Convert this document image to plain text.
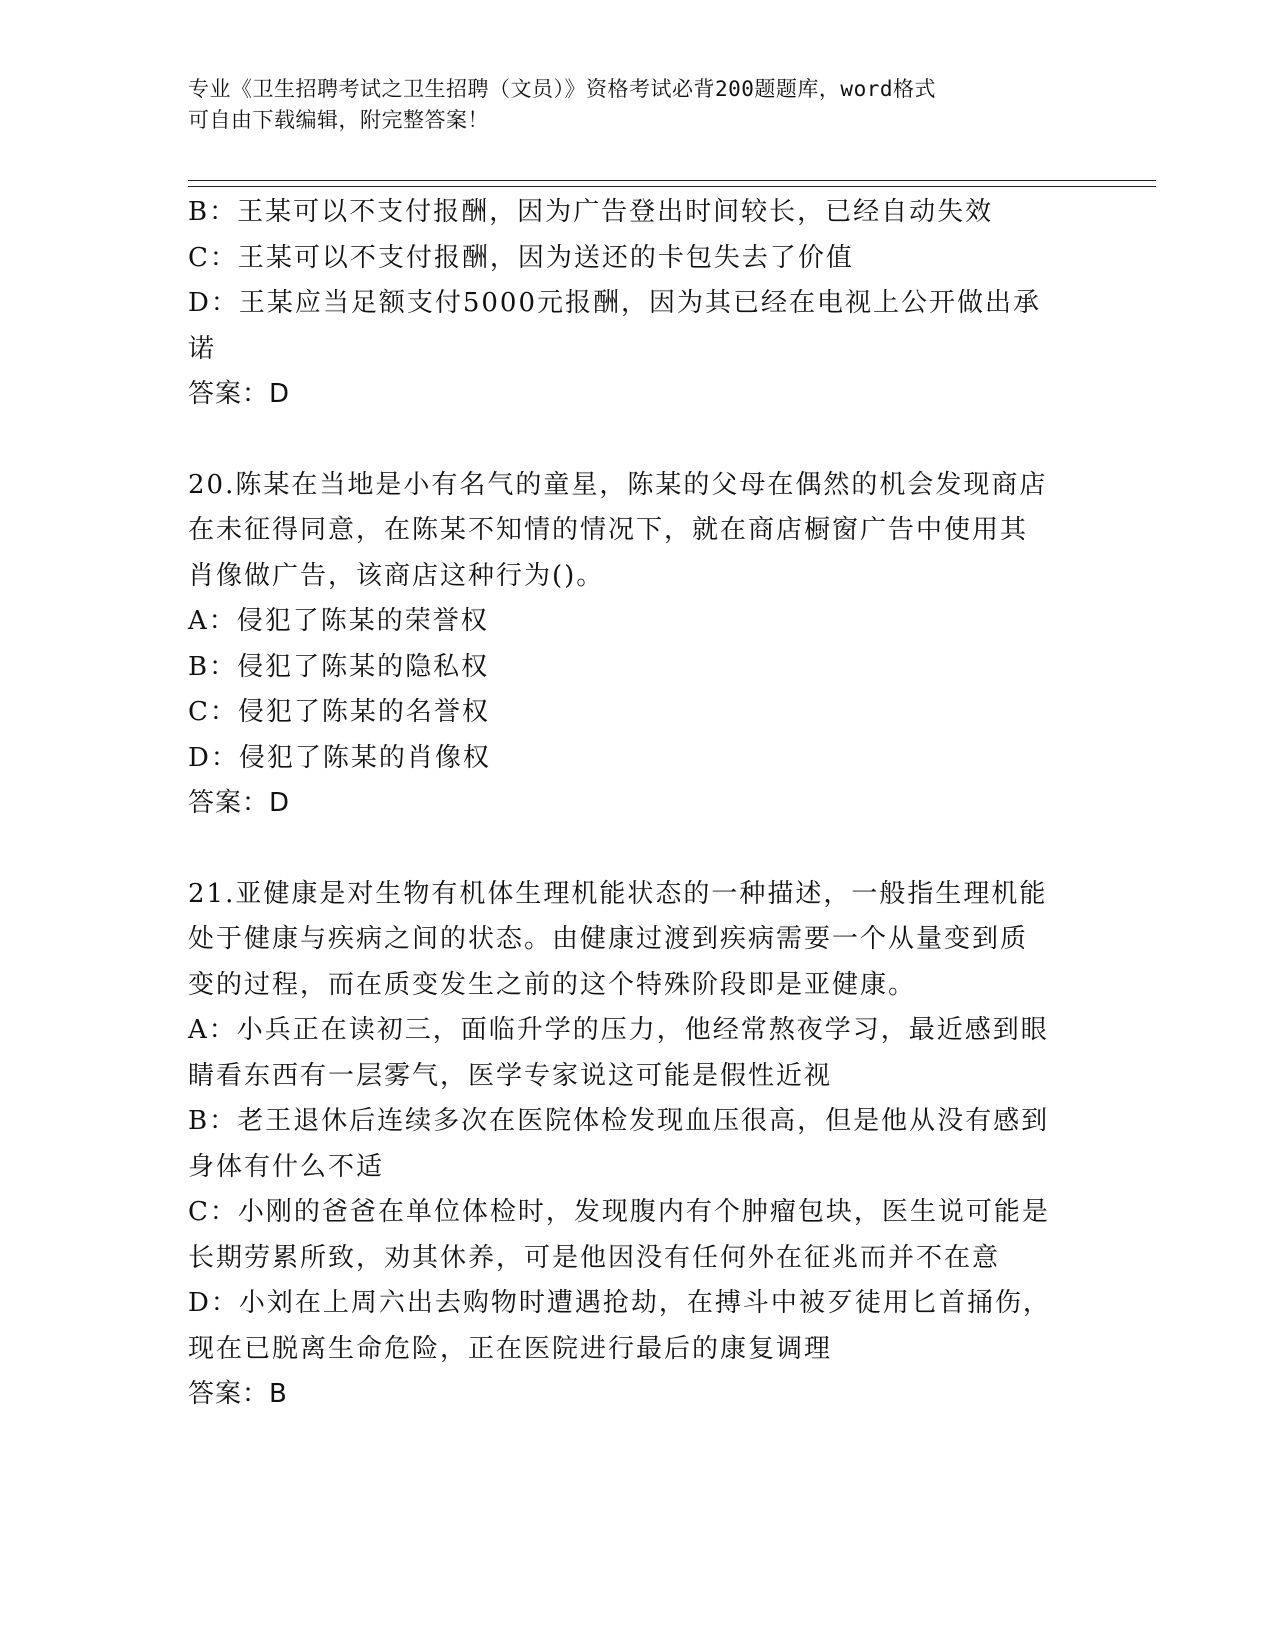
专业《卫生招聘考试之卫生招聘（文员）》资格考试必背200题题库，word格式
可自由下载编辑，附完整答案！
B：王某可以不支付报酬，因为广告登出时间较长，已经自动失效
C：王某可以不支付报酬，因为送还的卡包失去了价值
D：王某应当足额支付5000元报酬，因为其已经在电视上公开做出承
诺
答案：D
20.陈某在当地是小有名气的童星，陈某的父母在偶然的机会发现商店
在未征得同意，在陈某不知情的情况下，就在商店橱窗广告中使用其
肖像做广告，该商店这种行为()。
A：侵犯了陈某的荣誉权
B：侵犯了陈某的隐私权
C：侵犯了陈某的名誉权
D：侵犯了陈某的肖像权
答案：D
21.亚健康是对生物有机体生理机能状态的一种描述，一般指生理机能
处于健康与疾病之间的状态。由健康过渡到疾病需要一个从量变到质
变的过程，而在质变发生之前的这个特殊阶段即是亚健康。
A：小兵正在读初三，面临升学的压力，他经常熬夜学习，最近感到眼
睛看东西有一层雾气，医学专家说这可能是假性近视
B：老王退休后连续多次在医院体检发现血压很高，但是他从没有感到
身体有什么不适
C：小刚的爸爸在单位体检时，发现腹内有个肿瘤包块，医生说可能是
长期劳累所致，劝其休养，可是他因没有任何外在征兆而并不在意
D：小刘在上周六出去购物时遭遇抢劫，在搏斗中被歹徒用匕首捅伤，
现在已脱离生命危险，正在医院进行最后的康复调理
答案：B
